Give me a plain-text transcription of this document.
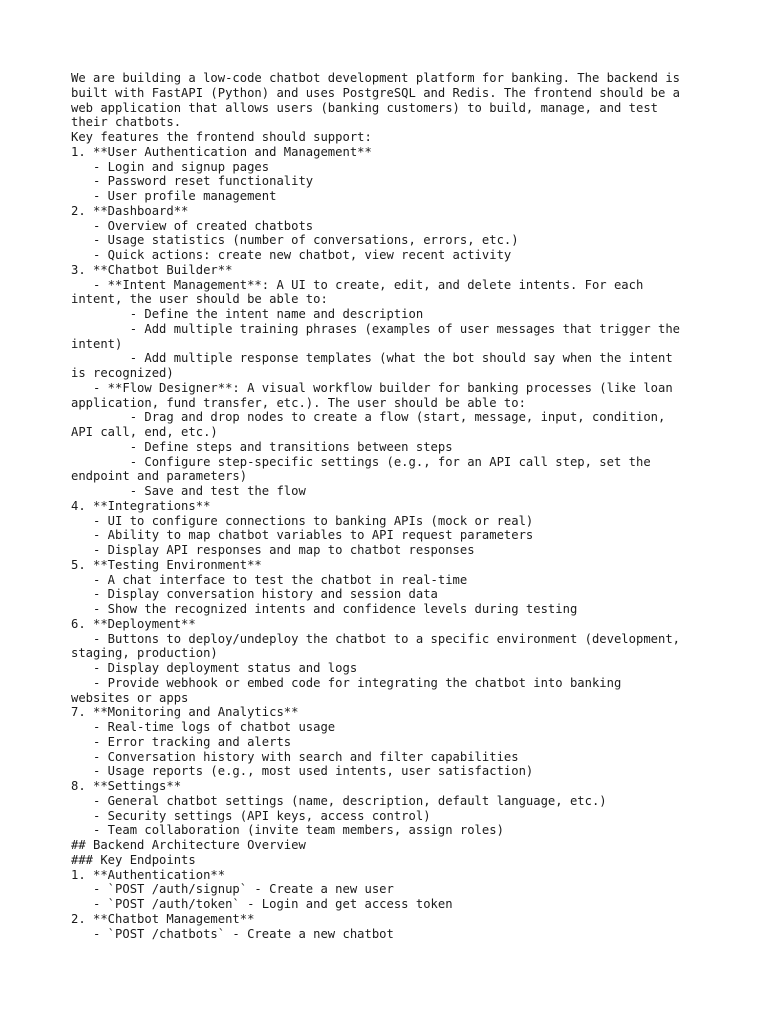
We are building a low-code chatbot development platform for banking. The backend is
built with FastAPI (Python) and uses PostgreSQL and Redis. The frontend should be a
web application that allows users (banking customers) to build, manage, and test
their chatbots.
Key features the frontend should support:
1. **User Authentication and Management**
- Login and signup pages
- Password reset functionality
- User profile management
2. **Dashboard**
- Overview of created chatbots
- Usage statistics (number of conversations, errors, etc.)
- Quick actions: create new chatbot, view recent activity
3. **Chatbot Builder**
- **Intent Management**: A UI to create, edit, and delete intents. For each
intent, the user should be able to:
- Define the intent name and description
- Add multiple training phrases (examples of user messages that trigger the
intent)
- Add multiple response templates (what the bot should say when the intent
is recognized)
- **Flow Designer**: A visual workflow builder for banking processes (like loan
application, fund transfer, etc.). The user should be able to:
- Drag and drop nodes to create a flow (start, message, input, condition,
API call, end, etc.)
- Define steps and transitions between steps
- Configure step-specific settings (e.g., for an API call step, set the
endpoint and parameters)
- Save and test the flow
4. **Integrations**
- UI to configure connections to banking APIs (mock or real)
- Ability to map chatbot variables to API request parameters
- Display API responses and map to chatbot responses
5. **Testing Environment**
- A chat interface to test the chatbot in real-time
- Display conversation history and session data
- Show the recognized intents and confidence levels during testing
6. **Deployment**
- Buttons to deploy/undeploy the chatbot to a specific environment (development,
staging, production)
- Display deployment status and logs
- Provide webhook or embed code for integrating the chatbot into banking
websites or apps
7. **Monitoring and Analytics**
- Real-time logs of chatbot usage
- Error tracking and alerts
- Conversation history with search and filter capabilities
- Usage reports (e.g., most used intents, user satisfaction)
8. **Settings**
- General chatbot settings (name, description, default language, etc.)
- Security settings (API keys, access control)
- Team collaboration (invite team members, assign roles)
## Backend Architecture Overview
### Key Endpoints
1. **Authentication**
- `POST /auth/signup` - Create a new user
- `POST /auth/token` - Login and get access token
2. **Chatbot Management**
- `POST /chatbots` - Create a new chatbot
